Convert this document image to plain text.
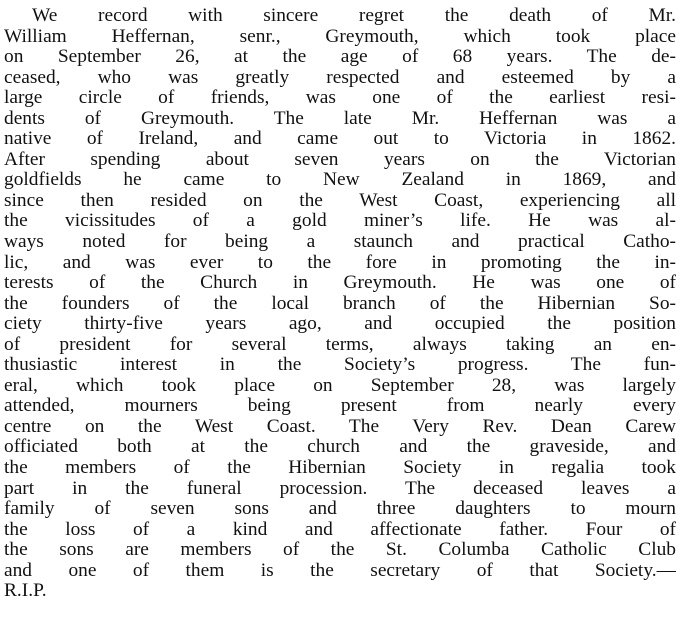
We record with sincere regret the death of Mr.
William Heffernan, senr., Greymouth, which took place
on September 26, at the age of 68 years. The de-
ceased, who was greatly respected and esteemed by a
large circle of friends, was one of the earliest resi-
dents of Greymouth. The late Mr. Heffernan was a
native of Ireland, and came out to Victoria in 1862.
After spending about seven years on the Victorian
goldfields he came to New Zealand in 1869, and
since then resided on the West Coast, experiencing all
the vicissitudes of a gold miner’s life. He was al-
ways noted for being a staunch and practical Catho-
lic, and was ever to the fore in promoting the in-
terests of the Church in Greymouth. He was one of
the founders of the local branch of the Hibernian So-
ciety thirty-five years ago, and occupied the position
of president for several terms, always taking an en-
thusiastic interest in the Society’s progress. The fun-
eral, which took place on September 28, was largely
attended, mourners being present from nearly every
centre on the West Coast. The Very Rev. Dean Carew
officiated both at the church and the graveside, and
the members of the Hibernian Society in regalia took
part in the funeral procession. The deceased leaves a
family of seven sons and three daughters to mourn
the loss of a kind and affectionate father. Four of
the sons are members of the St. Columba Catholic Club
and one of them is the secretary of that Society.—
R.I.P.
